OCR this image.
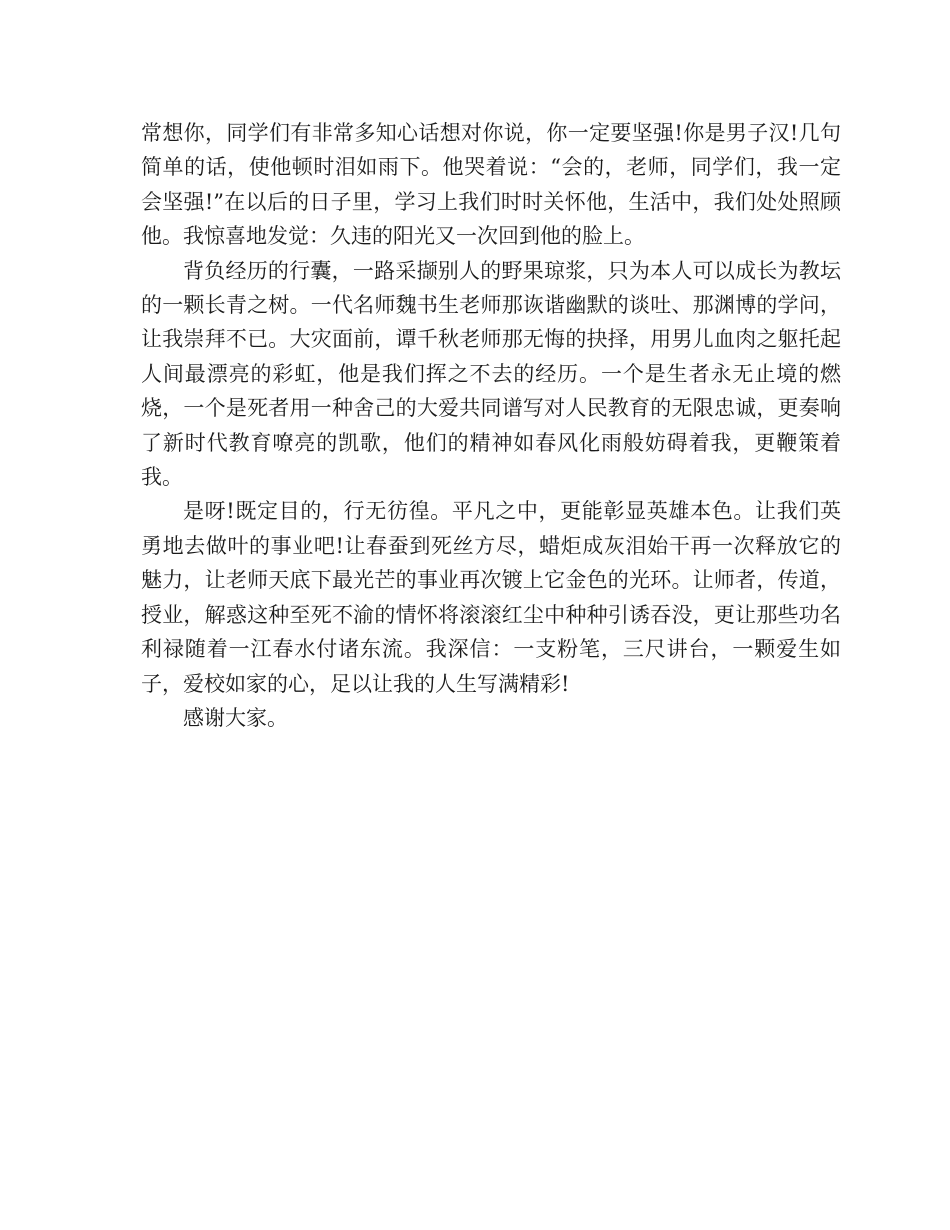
常想你，同学们有非常多知心话想对你说，你一定要坚强!你是男子汉!几句简单的话，使他顿时泪如雨下。他哭着说：“会的，老师，同学们，我一定会坚强!”在以后的日子里，学习上我们时时关怀他，生活中，我们处处照顾他。我惊喜地发觉：久违的阳光又一次回到他的脸上。

背负经历的行囊，一路采撷别人的野果琼浆，只为本人可以成长为教坛的一颗长青之树。一代名师魏书生老师那诙谐幽默的谈吐、那渊博的学问，让我崇拜不已。大灾面前，谭千秋老师那无悔的抉择，用男儿血肉之躯托起人间最漂亮的彩虹，他是我们挥之不去的经历。一个是生者永无止境的燃烧，一个是死者用一种舍己的大爱共同谱写对人民教育的无限忠诚，更奏响了新时代教育嘹亮的凯歌，他们的精神如春风化雨般妨碍着我，更鞭策着我。

是呀!既定目的，行无彷徨。平凡之中，更能彰显英雄本色。让我们英勇地去做叶的事业吧!让春蚕到死丝方尽，蜡炬成灰泪始干再一次释放它的魅力，让老师天底下最光芒的事业再次镀上它金色的光环。让师者，传道，授业，解惑这种至死不渝的情怀将滚滚红尘中种种引诱吞没，更让那些功名利禄随着一江春水付诸东流。我深信：一支粉笔，三尺讲台，一颗爱生如子，爱校如家的心，足以让我的人生写满精彩!

感谢大家。
